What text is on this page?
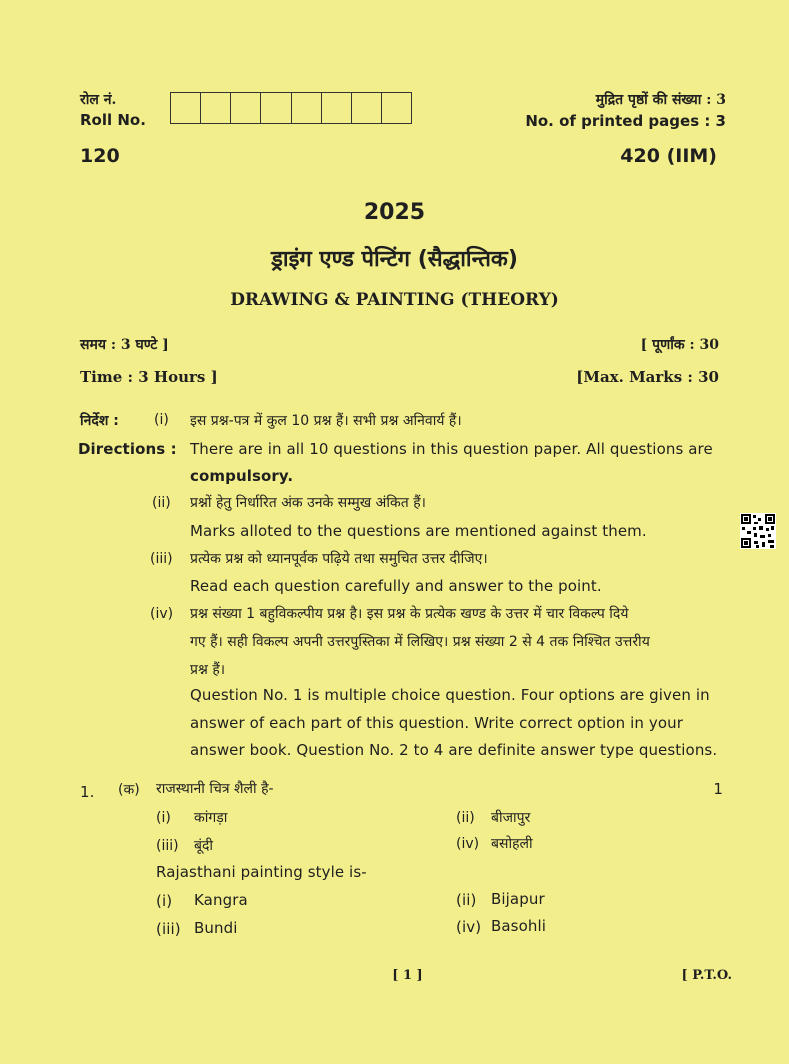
रोल नं.
Roll No.
मुद्रित पृष्ठों की संख्या : 3
No. of printed pages : 3
120	420 (IIM)
2025
ड्राइंग एण्ड पेन्टिंग (सैद्धान्तिक)
DRAWING & PAINTING (THEORY)
समय : 3 घण्टे ]	[ पूर्णांक : 30
Time : 3 Hours ]	[Max. Marks : 30
निर्देश :	(i) इस प्रश्न-पत्र में कुल 10 प्रश्न हैं। सभी प्रश्न अनिवार्य हैं।
Directions : There are in all 10 questions in this question paper. All questions are
compulsory.
(ii) प्रश्नों हेतु निर्धारित अंक उनके सम्मुख अंकित हैं।
Marks alloted to the questions are mentioned against them.
(iii) प्रत्येक प्रश्न को ध्यानपूर्वक पढ़िये तथा समुचित उत्तर दीजिए।
Read each question carefully and answer to the point.
(iv) प्रश्न संख्या 1 बहुविकल्पीय प्रश्न है। इस प्रश्न के प्रत्येक खण्ड के उत्तर में चार विकल्प दिये
गए हैं। सही विकल्प अपनी उत्तरपुस्तिका में लिखिए। प्रश्न संख्या 2 से 4 तक निश्चित उत्तरीय
प्रश्न हैं।
Question No. 1 is multiple choice question. Four options are given in
answer of each part of this question. Write correct option in your
answer book. Question No. 2 to 4 are definite answer type questions.
1. (क) राजस्थानी चित्र शैली है-	1
(i) कांगड़ा	(ii) बीजापुर
(iii) बूंदी	(iv) बसोहली
Rajasthani painting style is-
(i) Kangra	(ii) Bijapur
(iii) Bundi	(iv) Basohli
[ 1 ]	[ P.T.O.
